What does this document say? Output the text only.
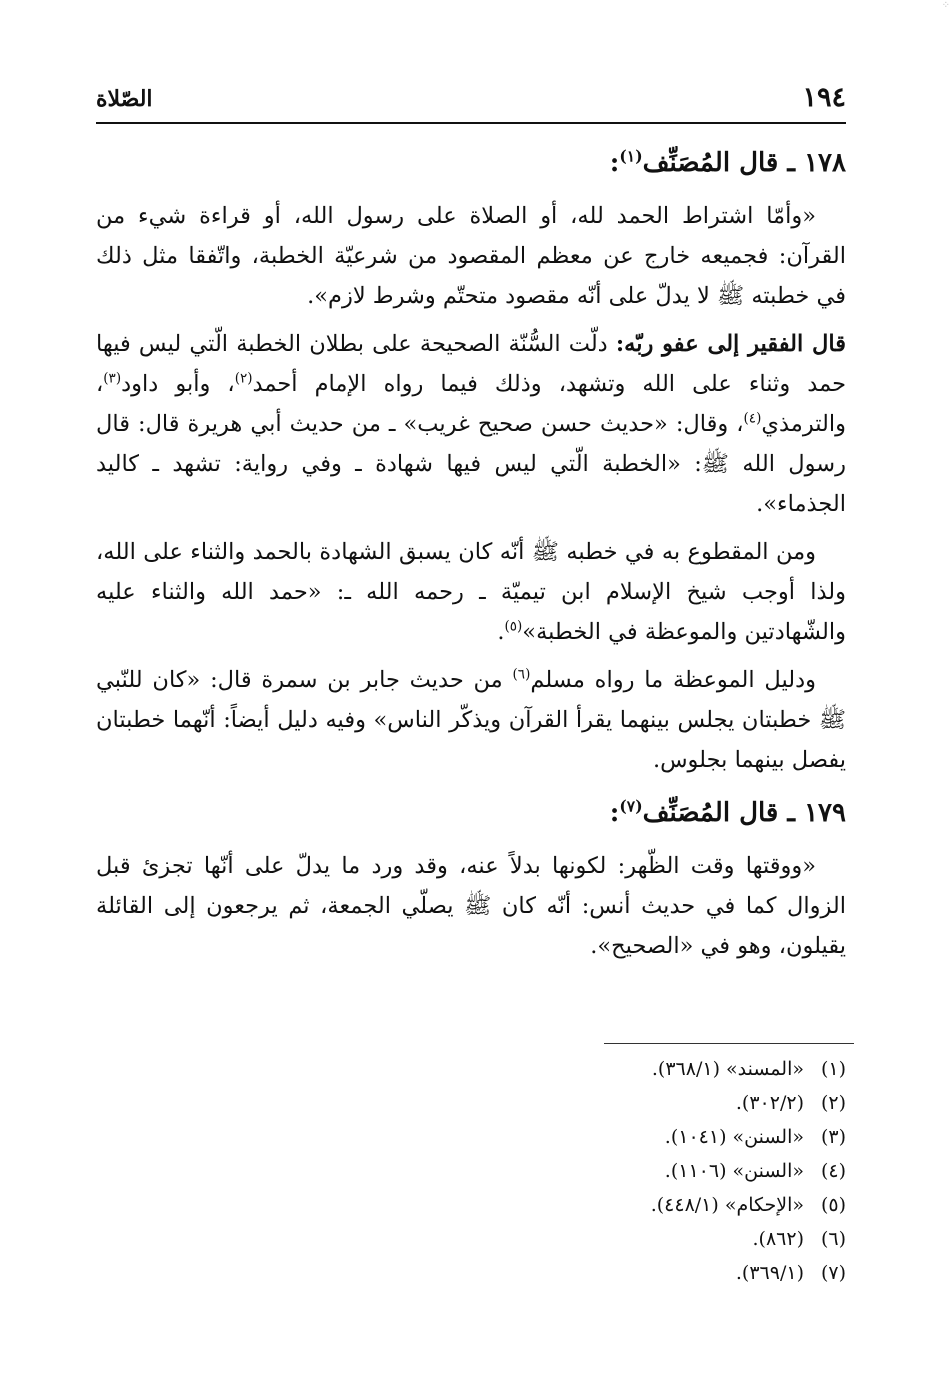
⁘
١٩٤
الصّلاة
١٧٨ ـ قال المُصَنِّف$^{(١)}$:

«وأمّا اشتراط الحمد لله، أو الصلاة على رسول الله، أو قراءة شيء من القرآن: فجميعه خارج عن معظم المقصود من شرعيّة الخطبة، واتّفقا مثل ذلك في خطبته ﷺ لا يدلّ على أنّه مقصود متحتّم وشرط لازم».

قال الفقير إلى عفو ربّه: دلّت السُّنّة الصحيحة على بطلان الخطبة الّتي ليس فيها حمد وثناء على الله وتشهد، وذلك فيما رواه الإمام أحمد$^{(٢)}$، وأبو داود$^{(٣)}$، والترمذي$^{(٤)}$، وقال: «حديث حسن صحيح غريب» ـ من حديث أبي هريرة قال: قال رسول الله ﷺ: «الخطبة الّتي ليس فيها شهادة ـ وفي رواية: تشهد ـ كاليد الجذماء».

ومن المقطوع به في خطبه ﷺ أنّه كان يسبق الشهادة بالحمد والثناء على الله، ولذا أوجب شيخ الإسلام ابن تيميّة ـ رحمه الله ـ: «حمد الله والثناء عليه والشّهادتين والموعظة في الخطبة»$^{(٥)}$.

ودليل الموعظة ما رواه مسلم$^{(٦)}$ من حديث جابر بن سمرة قال: «كان للنّبي ﷺ خطبتان يجلس بينهما يقرأ القرآن ويذكّر الناس» وفيه دليل أيضاً: أنّهما خطبتان يفصل بينهما بجلوس.

١٧٩ ـ قال المُصَنِّف$^{(٧)}$:

«ووقتها وقت الظّهر: لكونها بدلاً عنه، وقد ورد ما يدلّ على أنّها تجزئ قبل الزوال كما في حديث أنس: أنّه كان ﷺ يصلّي الجمعة، ثم يرجعون إلى القائلة يقيلون، وهو في «الصحيح».

(١)«المسند» (٣٦٨/١).
(٢)(٣٠٢/٢).
(٣)«السنن» (١٠٤١).
(٤)«السنن» (١١٠٦).
(٥)«الإحكام» (٤٤٨/١).
(٦)(٨٦٢).
(٧)(٣٦٩/١).
